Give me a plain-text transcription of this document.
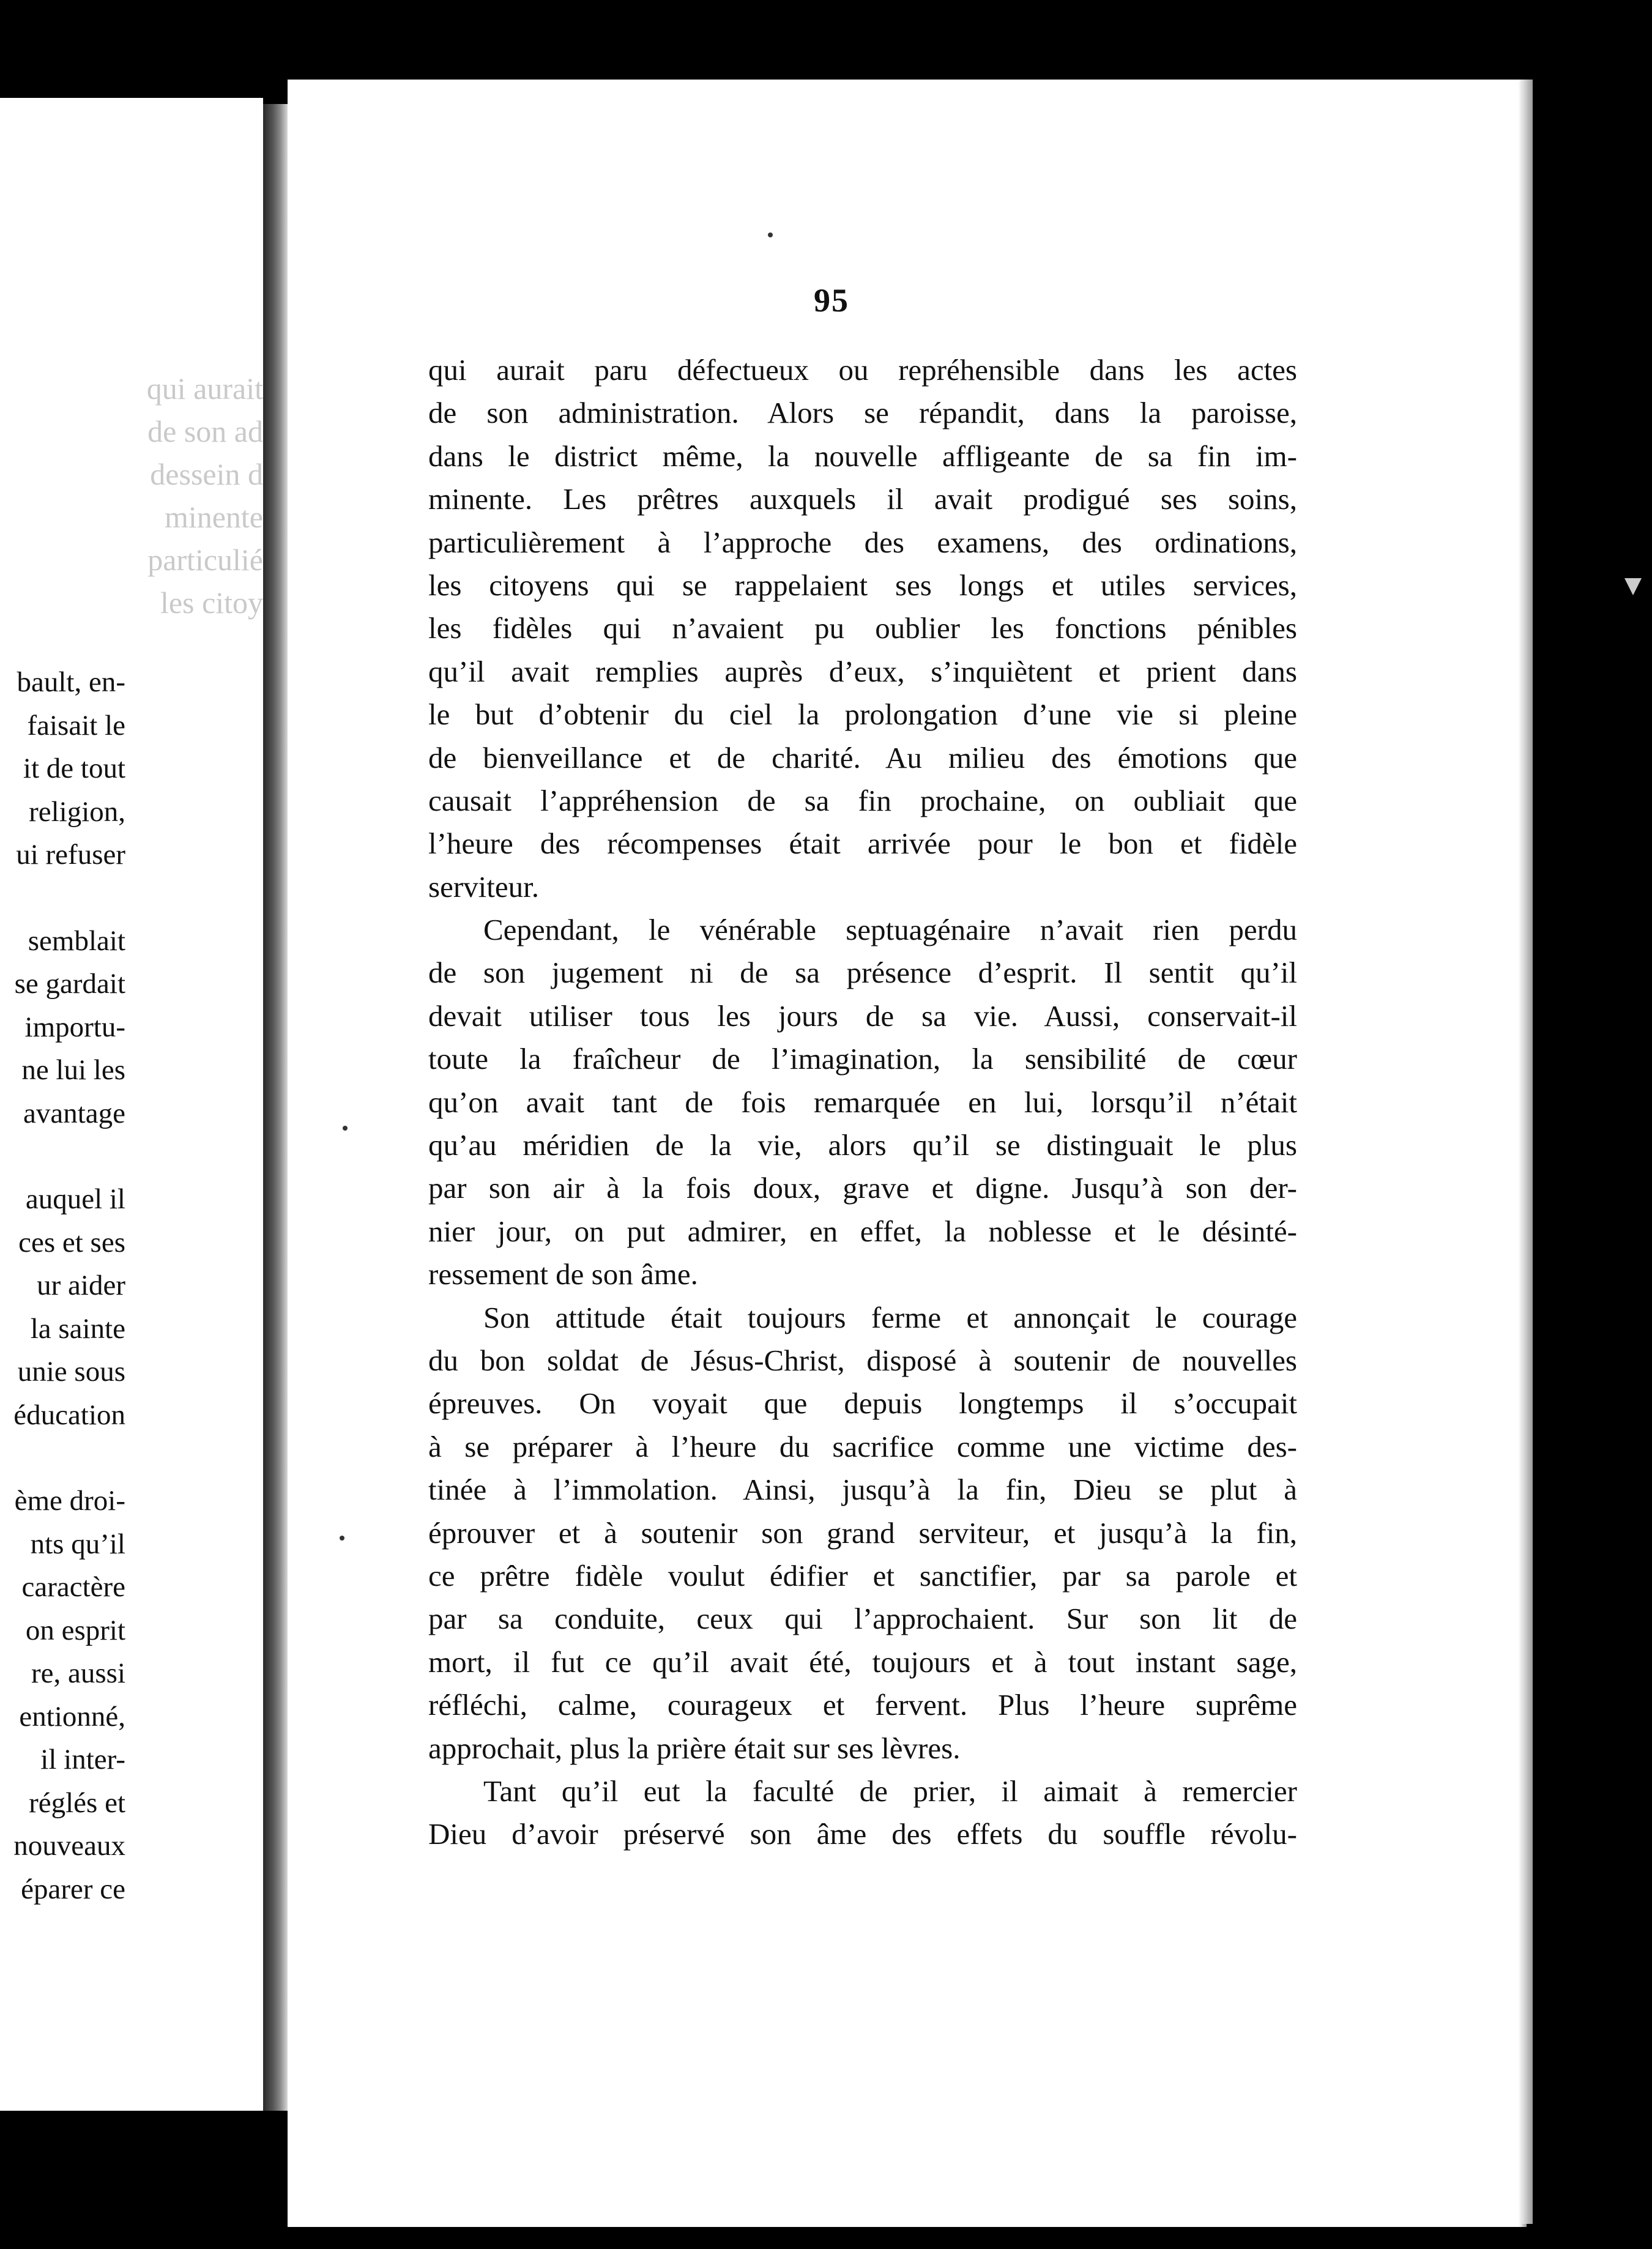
qui aurait
de son ad
dessein d
minente
particulié
les citoy
bault, en-
faisait le
it de tout
religion,
ui refuser
semblait
se gardait
importu-
ne lui les
avantage
auquel il
ces et ses
ur aider
la sainte
unie sous
éducation
ème droi-
nts qu’il
caractère
on esprit
re, aussi
entionné,
il inter-
réglés et
nouveaux
éparer ce
95
qui aurait paru défectueux ou repréhensible dans les actes
de son administration. Alors se répandit, dans la paroisse,
dans le district même, la nouvelle affligeante de sa fin im-
minente. Les prêtres auxquels il avait prodigué ses soins,
particulièrement à l’approche des examens, des ordinations,
les citoyens qui se rappelaient ses longs et utiles services,
les fidèles qui n’avaient pu oublier les fonctions pénibles
qu’il avait remplies auprès d’eux, s’inquiètent et prient dans
le but d’obtenir du ciel la prolongation d’une vie si pleine
de bienveillance et de charité. Au milieu des émotions que
causait l’appréhension de sa fin prochaine, on oubliait que
l’heure des récompenses était arrivée pour le bon et fidèle
serviteur.
Cependant, le vénérable septuagénaire n’avait rien perdu
de son jugement ni de sa présence d’esprit. Il sentit qu’il
devait utiliser tous les jours de sa vie. Aussi, conservait-il
toute la fraîcheur de l’imagination, la sensibilité de cœur
qu’on avait tant de fois remarquée en lui, lorsqu’il n’était
qu’au méridien de la vie, alors qu’il se distinguait le plus
par son air à la fois doux, grave et digne. Jusqu’à son der-
nier jour, on put admirer, en effet, la noblesse et le désinté-
ressement de son âme.
Son attitude était toujours ferme et annonçait le courage
du bon soldat de Jésus-Christ, disposé à soutenir de nouvelles
épreuves. On voyait que depuis longtemps il s’occupait
à se préparer à l’heure du sacrifice comme une victime des-
tinée à l’immolation. Ainsi, jusqu’à la fin, Dieu se plut à
éprouver et à soutenir son grand serviteur, et jusqu’à la fin,
ce prêtre fidèle voulut édifier et sanctifier, par sa parole et
par sa conduite, ceux qui l’approchaient. Sur son lit de
mort, il fut ce qu’il avait été, toujours et à tout instant sage,
réfléchi, calme, courageux et fervent. Plus l’heure suprême
approchait, plus la prière était sur ses lèvres.
Tant qu’il eut la faculté de prier, il aimait à remercier
Dieu d’avoir préservé son âme des effets du souffle révolu-
